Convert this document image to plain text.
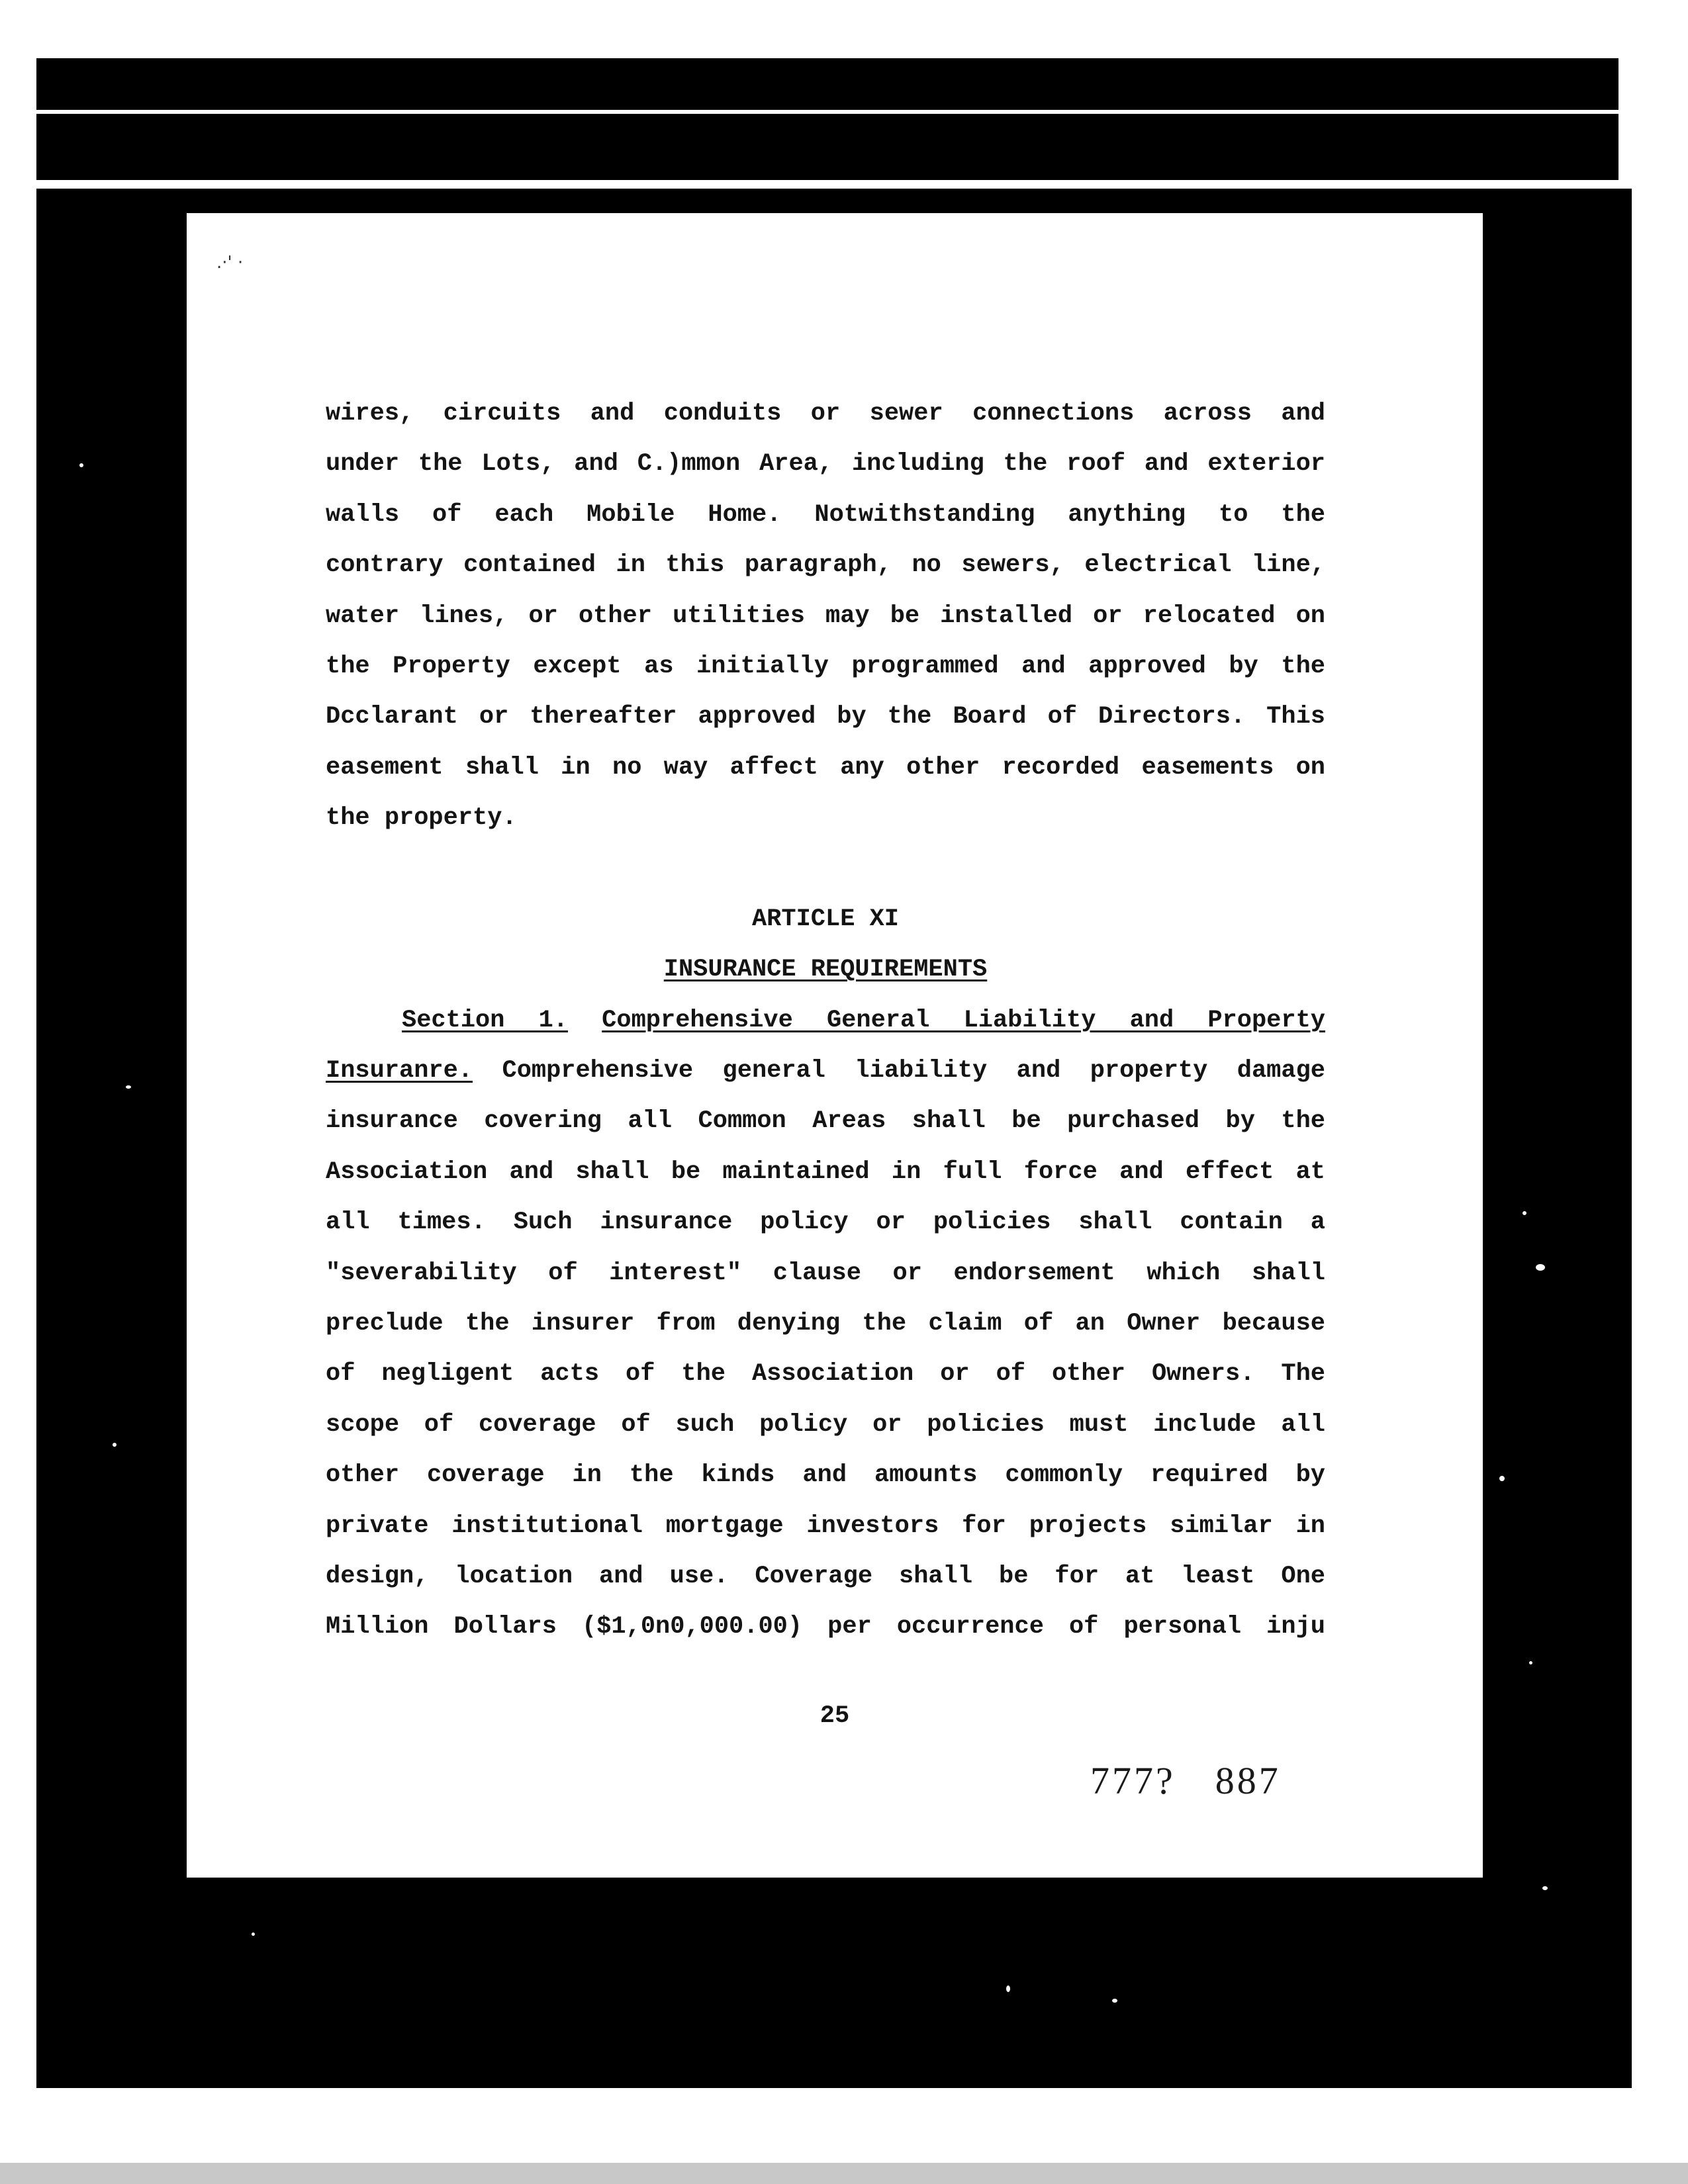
.·' ·
wires, circuits and conduits or sewer connections across and
under the Lots, and C.)mmon Area, including the roof and exterior
walls of each Mobile Home. Notwithstanding anything to the
contrary contained in this paragraph, no sewers, electrical line,
water lines, or other utilities may be installed or relocated on
the Property except as initially programmed and approved by the
Dcclarant or thereafter approved by the Board of Directors. This
easement shall in no way affect any other recorded easements on
the property.
ARTICLE XI
INSURANCE REQUIREMENTS
Section 1. Comprehensive General Liability and Property
Insuranre. Comprehensive general liability and property damage
insurance covering all Common Areas shall be purchased by the
Association and shall be maintained in full force and effect at
all times. Such insurance policy or policies shall contain a
"severability of interest" clause or endorsement which shall
preclude the insurer from denying the claim of an Owner because
of negligent acts of the Association or of other Owners. The
scope of coverage of such policy or policies must include all
other coverage in the kinds and amounts commonly required by
private institutional mortgage investors for projects similar in
design, location and use. Coverage shall be for at least One
Million Dollars ($1,0n0,000.00) per occurrence of personal inju
25
777? 887
